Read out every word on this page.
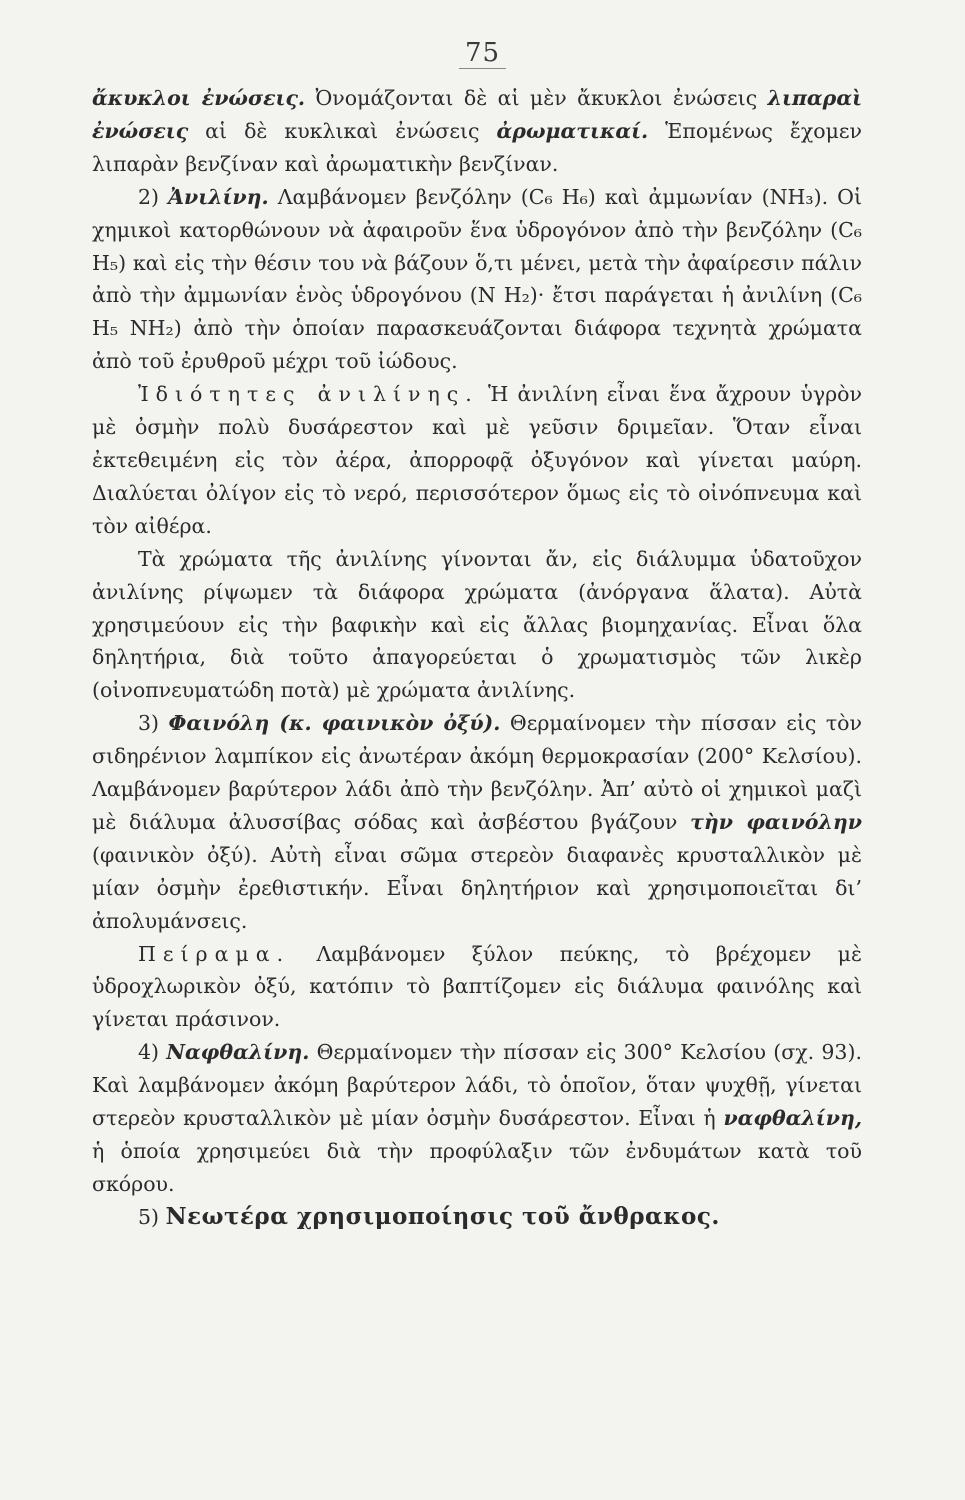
75

ἄκυκλοι ἐνώσεις. Ὀνομάζονται δὲ αἱ μὲν ἄκυκλοι ἐνώσεις λιπαραὶ ἐνώσεις αἱ δὲ κυκλικαὶ ἐνώσεις ἀρωματικαί. Ἑπομένως ἔχομεν λιπαρὰν βενζίναν καὶ ἀρωματικὴν βενζίναν.

2) Ἀνιλίνη. Λαμβάνομεν βενζόλην (C₆ H₆) καὶ ἀμμωνίαν (NH₃). Οἱ χημικοὶ κατορθώνουν νὰ ἀφαιροῦν ἕνα ὑδρογόνον ἀπὸ τὴν βενζόλην (C₆ H₅) καὶ εἰς τὴν θέσιν του νὰ βάζουν ὅ,τι μένει, μετὰ τὴν ἀφαίρεσιν πάλιν ἀπὸ τὴν ἀμμωνίαν ἑνὸς ὑδρογόνου (N H₂)· ἔτσι παράγεται ἡ ἀνιλίνη (C₆ H₅ NH₂) ἀπὸ τὴν ὁποίαν παρασκευάζονται διάφορα τεχνητὰ χρώματα ἀπὸ τοῦ ἐρυθροῦ μέχρι τοῦ ἰώδους.

Ἰδιότητες ἀνιλίνης. Ἡ ἀνιλίνη εἶναι ἕνα ἄχρουν ὑγρὸν μὲ ὀσμὴν πολὺ δυσάρεστον καὶ μὲ γεῦσιν δριμεῖαν. Ὅταν εἶναι ἐκτεθειμένη εἰς τὸν ἀέρα, ἀπορροφᾷ ὀξυγόνον καὶ γίνεται μαύρη. Διαλύεται ὀλίγον εἰς τὸ νερό, περισσότερον ὅμως εἰς τὸ οἰνόπνευμα καὶ τὸν αἰθέρα.

Τὰ χρώματα τῆς ἀνιλίνης γίνονται ἄν, εἰς διάλυμμα ὑδατοῦχον ἀνιλίνης ρίψωμεν τὰ διάφορα χρώματα (ἀνόργανα ἅλατα). Αὐτὰ χρησιμεύουν εἰς τὴν βαφικὴν καὶ εἰς ἄλλας βιομηχανίας. Εἶναι ὅλα δηλητήρια, διὰ τοῦτο ἀπαγορεύεται ὁ χρωματισμὸς τῶν λικὲρ (οἰνοπνευματώδη ποτὰ) μὲ χρώματα ἀνιλίνης.

3) Φαινόλη (κ. φαινικὸν ὀξύ). Θερμαίνομεν τὴν πίσσαν εἰς τὸν σιδηρένιον λαμπίκον εἰς ἀνωτέραν ἀκόμη θερμοκρασίαν (200° Κελσίου). Λαμβάνομεν βαρύτερον λάδι ἀπὸ τὴν βενζόλην. Ἀπ’ αὐτὸ οἱ χημικοὶ μαζὶ μὲ διάλυμα ἀλυσσίβας σόδας καὶ ἀσβέστου βγάζουν τὴν φαινόλην (φαινικὸν ὀξύ). Αὐτὴ εἶναι σῶμα στερεὸν διαφανὲς κρυσταλλικὸν μὲ μίαν ὀσμὴν ἐρεθιστικήν. Εἶναι δηλητήριον καὶ χρησιμοποιεῖται δι’ ἀπολυμάνσεις.

Πείραμα. Λαμβάνομεν ξύλον πεύκης, τὸ βρέχομεν μὲ ὑδροχλωρικὸν ὀξύ, κατόπιν τὸ βαπτίζομεν εἰς διάλυμα φαινόλης καὶ γίνεται πράσινον.

4) Ναφθαλίνη. Θερμαίνομεν τὴν πίσσαν εἰς 300° Κελσίου (σχ. 93). Καὶ λαμβάνομεν ἀκόμη βαρύτερον λάδι, τὸ ὁποῖον, ὅταν ψυχθῇ, γίνεται στερεὸν κρυσταλλικὸν μὲ μίαν ὀσμὴν δυσάρεστον. Εἶναι ἡ ναφθαλίνη, ἡ ὁποία χρησιμεύει διὰ τὴν προφύλαξιν τῶν ἐνδυμάτων κατὰ τοῦ σκόρου.

5) Νεωτέρα χρησιμοποίησις τοῦ ἄνθρακος.
